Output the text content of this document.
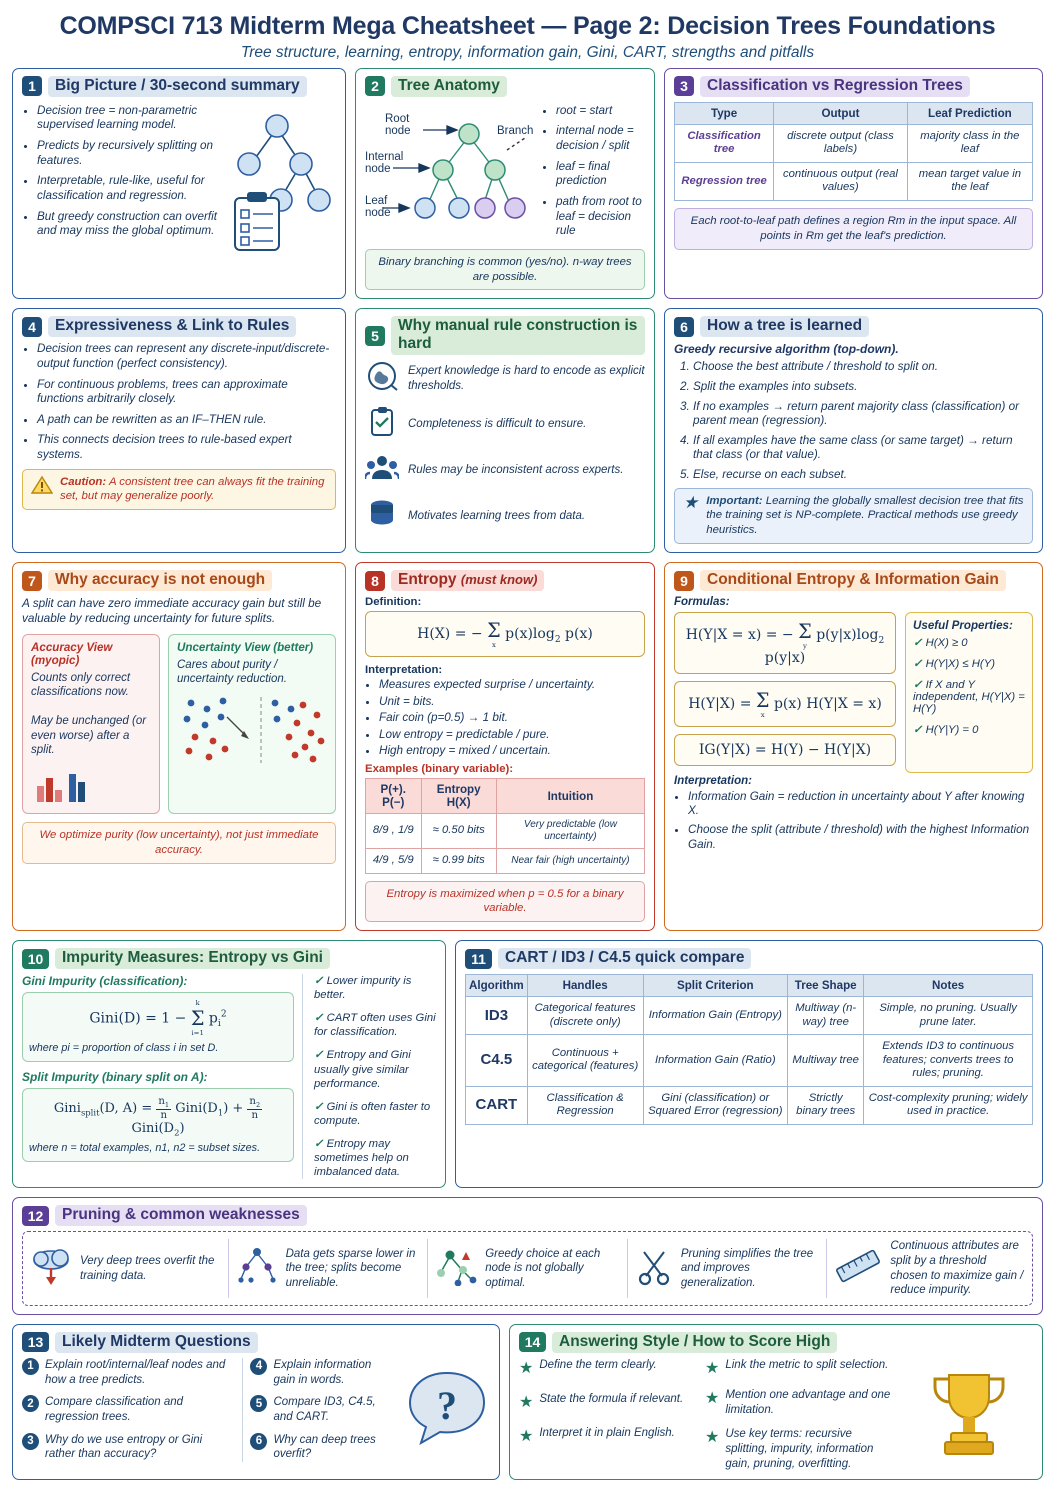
COMPSCI 713 Midterm Mega Cheatsheet — Page 2: Decision Trees Foundations
Tree structure, learning, entropy, information gain, Gini, CART, strengths and pitfalls
1	Big Picture / 30-second summary
• Decision tree = non-parametric supervised learning model.
• Predicts by recursively splitting on features.
• Interpretable, rule-like, useful for classification and regression.
• But greedy construction can overfit and may miss the global optimum.
2	Tree Anatomy
Root
node
Internal
node
Leaf
node
Branch
• root = start
• internal node = decision / split
• leaf = final prediction
• path from root to leaf = decision rule
Binary branching is common (yes/no). n-way trees are possible.
3	Classification vs Regression Trees
Type	Output	Leaf Prediction
Classification tree	discrete output (class labels)	majority class in the leaf
Regression tree	continuous output (real values)	mean target value in the leaf
Each root-to-leaf path defines a region Rm in the input space. All points in Rm get the leaf's prediction.
4	Expressiveness & Link to Rules
• Decision trees can represent any discrete-input/discrete-output function (perfect consistency).
• For continuous problems, trees can approximate functions arbitrarily closely.
• A path can be rewritten as an IF–THEN rule.
• This connects decision trees to rule-based expert systems.
Caution: A consistent tree can always fit the training set, but may generalize poorly.
5
Why manual rule construction is hard
Expert knowledge is hard to encode as explicit thresholds.
Completeness is difficult to ensure.
Rules may be inconsistent across experts.
Motivates learning trees from data.
6	How a tree is learned
Greedy recursive algorithm (top-down).
1. Choose the best attribute / threshold to split on.
2. Split the examples into subsets.
3. If no examples → return parent majority class (classification) or parent mean (regression).
4. If all examples have the same class (or same target) → return that class (or that value).
5. Else, recurse on each subset.
★ Important: Learning the globally smallest decision tree that fits the training set is NP-complete. Practical methods use greedy heuristics.
7	Why accuracy is not enough
A split can have zero immediate accuracy gain but still be valuable by reducing uncertainty for future splits.
Accuracy View (myopic)
Counts only correct classifications now.
May be unchanged (or even worse) after a split.
Uncertainty View (better)
Cares about purity / uncertainty reduction.
We optimize purity (low uncertainty), not just immediate accuracy.
8	Entropy (must know)
Definition:
H(X) = − Σ
x
$p(x)\log_2$ p(x)
Interpretation:
• Measures expected surprise / uncertainty.
• Unit = bits.
• Fair coin (p=0.5) → 1 bit.
• Low entropy = predictable / pure.
• High entropy = mixed / uncertain.
Examples (binary variable):
P(+). P(−)	Entropy H(X)	Intuition
8/9 , 1/9	≈ 0.50 bits	Very predictable (low uncertainty)
4/9 , 5/9	≈ 0.99 bits	Near fair (high uncertainty)
Entropy is maximized when p = 0.5 for a binary variable.
9	Conditional Entropy & Information Gain
Formulas:
H(Y|X = x) = − Σ
y
$p(y|x)\log_2$ p(y|x)
H(Y|X) = Σ
x
p(x) H(Y|X = x)
IG(Y|X) = H(Y) − H(Y|X)
Useful Properties:
✓ H(X) ≥ 0
✓ H(Y|X) ≤ H(Y)
✓ If X and Y independent, H(Y|X) = H(Y)
✓ H(Y|Y) = 0
Interpretation:
• Information Gain = reduction in uncertainty about Y after knowing X.
• Choose the split (attribute / threshold) with the highest Information Gain.
10	Impurity Measures: Entropy vs Gini
Gini Impurity (classification):
Gini(D) = 1 −
k
Σ
i=1
$p_i^2$
where pi = proportion of class i in set D.
Split Impurity (binary split on A):
Gini$_{split}$(D, $A) = \frac{n_1}{n}$ $Gini(D_1) + \frac{n_2}{n}$
$Gini(D_2)$
where n = total examples, n1, n2 = subset sizes.
✓ Lower impurity is better.
✓ CART often uses Gini for classification.
✓ Entropy and Gini usually give similar performance.
✓ Gini is often faster to compute.
✓ Entropy may sometimes help on imbalanced data.
11	CART / ID3 / C4.5 quick compare
Algorithm	Handles	Split Criterion	Tree Shape	Notes
ID3	Categorical features (discrete only)	Information Gain (Entropy)	Multiway (n-way) tree	Simple, no pruning. Usually prune later.
C4.5	Continuous + categorical (features)	Information Gain (Ratio)	Multiway tree	Extends ID3 to continuous features; converts trees to rules; pruning.
CART	Classification & Regression	Gini (classification) or Squared Error (regression)	Strictly binary trees	Cost-complexity pruning; widely used in practice.
12	Pruning & common weaknesses
Very deep trees overfit the training data.
Data gets sparse lower in the tree; splits become unreliable.
Greedy choice at each node is not globally optimal.
Pruning simplifies the tree and improves generalization.
Continuous attributes are split by a threshold chosen to maximize gain / reduce impurity.
13	Likely Midterm Questions
1 Explain root/internal/leaf nodes and how a tree predicts.
2 Compare classification and regression trees.
3 Why do we use entropy or Gini rather than accuracy?
4 Explain information gain in words.
5 Compare ID3, C4.5, and CART.
6 Why can deep trees overfit?
?
14	Answering Style / How to Score High
★ Define the term clearly.
★ State the formula if relevant.
★ Interpret it in plain English.
★ Link the metric to split selection.
★ Mention one advantage and one limitation.
★ Use key terms: recursive splitting, impurity, information gain, pruning, overfitting.
